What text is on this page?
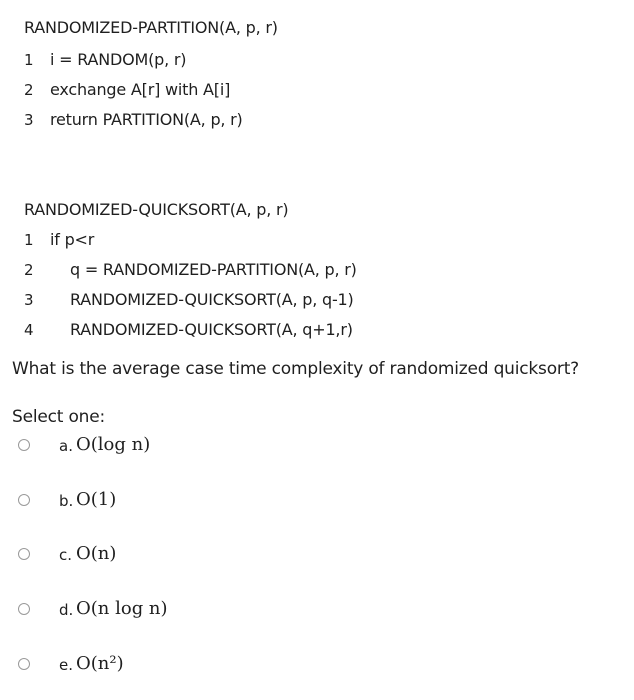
RANDOMIZED-PARTITION(A, p, r)
1 i = RANDOM(p, r)
2 exchange A[r] with A[i]
3 return PARTITION(A, p, r)
RANDOMIZED-QUICKSORT(A, p, r)
1 if p<r
2 q = RANDOMIZED-PARTITION(A, p, r)
3 RANDOMIZED-QUICKSORT(A, p, q-1)
4 RANDOMIZED-QUICKSORT(A, q+1,r)
What is the average case time complexity of randomized quicksort?
Select one:
a. O(log n)
b. O(1)
c. O(n)
d. O(n log n)
e. O(n²)
